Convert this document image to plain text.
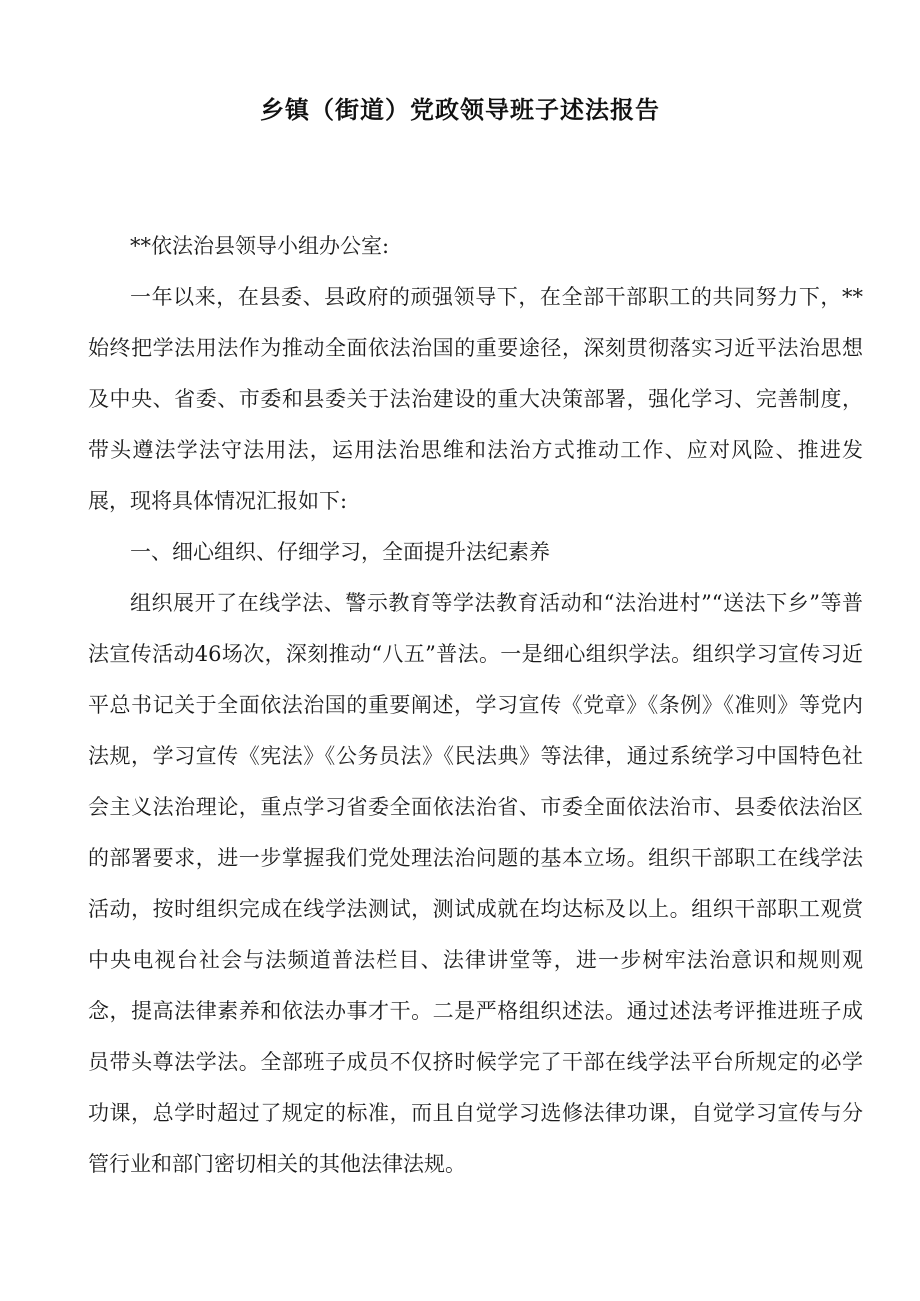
乡镇（街道）党政领导班子述法报告

**依法治县领导小组办公室:

一年以来，在县委、县政府的顽强领导下，在全部干部职工的共同努力下，**始终把学法用法作为推动全面依法治国的重要途径，深刻贯彻落实习近平法治思想及中央、省委、市委和县委关于法治建设的重大决策部署，强化学习、完善制度，带头遵法学法守法用法，运用法治思维和法治方式推动工作、应对风险、推进发展，现将具体情况汇报如下:

一、细心组织、仔细学习，全面提升法纪素养

组织展开了在线学法、警示教育等学法教育活动和“法治进村”“送法下乡”等普法宣传活动46场次，深刻推动“八五”普法。一是细心组织学法。组织学习宣传习近平总书记关于全面依法治国的重要阐述，学习宣传《党章》《条例》《准则》等党内法规，学习宣传《宪法》《公务员法》《民法典》等法律，通过系统学习中国特色社会主义法治理论，重点学习省委全面依法治省、市委全面依法治市、县委依法治区的部署要求，进一步掌握我们党处理法治问题的基本立场。组织干部职工在线学法活动，按时组织完成在线学法测试，测试成就在均达标及以上。组织干部职工观赏中央电视台社会与法频道普法栏目、法律讲堂等，进一步树牢法治意识和规则观念，提高法律素养和依法办事才干。二是严格组织述法。通过述法考评推进班子成员带头尊法学法。全部班子成员不仅挤时候学完了干部在线学法平台所规定的必学功课，总学时超过了规定的标准，而且自觉学习选修法律功课，自觉学习宣传与分管行业和部门密切相关的其他法律法规。
